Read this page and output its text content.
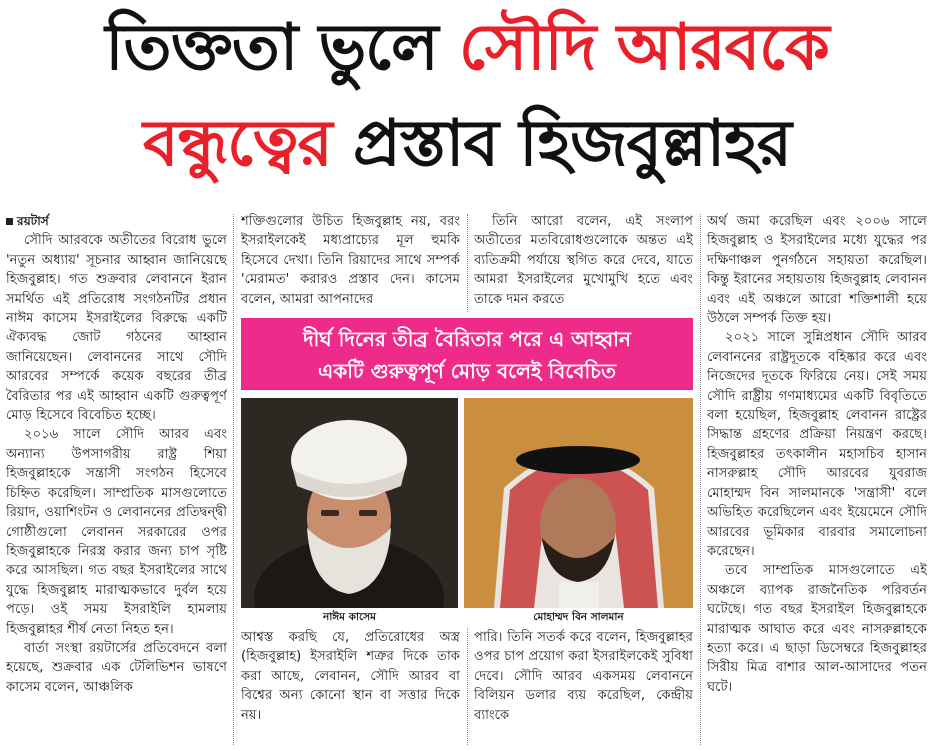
তিক্ততা ভুলে সৌদি আরবকে
বন্ধুত্বের প্রস্তাব হিজবুল্লাহর

রয়টার্স

সৌদি আরবকে অতীতের বিরোধ ভুলে 'নতুন অধ্যায়' সূচনার আহ্বান জানিয়েছে হিজবুল্লাহ। গত শুক্রবার লেবাননে ইরান সমর্থিত এই প্রতিরোধ সংগঠনটির প্রধান নাঈম কাসেম ইসরাইলের বিরুদ্ধে একটি ঐক্যবদ্ধ জোট গঠনের আহ্বান জানিয়েছেন। লেবাননের সাথে সৌদি আরবের সম্পর্কে কয়েক বছরের তীব্র বৈরিতার পর এই আহ্বান একটি গুরুত্বপূর্ণ মোড় হিসেবে বিবেচিত হচ্ছে।

২০১৬ সালে সৌদি আরব এবং অন্যান্য উপসাগরীয় রাষ্ট্র শিয়া হিজবুল্লাহকে সন্ত্রাসী সংগঠন হিসেবে চিহ্নিত করেছিল। সাম্প্রতিক মাসগুলোতে রিয়াদ, ওয়াশিংটন ও লেবাননের প্রতিদ্বন্দ্বী গোষ্ঠীগুলো লেবানন সরকারের ওপর হিজবুল্লাহকে নিরস্ত্র করার জন্য চাপ সৃষ্টি করে আসছিল। গত বছর ইসরাইলের সাথে যুদ্ধে হিজবুল্লাহ মারাত্মকভাবে দুর্বল হয়ে পড়ে। ওই সময় ইসরাইলি হামলায় হিজবুল্লাহর শীর্ষ নেতা নিহত হন।

বার্তা সংস্থা রয়টার্সের প্রতিবেদনে বলা হয়েছে, শুক্রবার এক টেলিভিশন ভাষণে কাসেম বলেন, আঞ্চলিক

শক্তিগুলোর উচিত হিজবুল্লাহ নয়, বরং ইসরাইলকেই মধ্যপ্রাচ্যের মূল হুমকি হিসেবে দেখা। তিনি রিয়াদের সাথে সম্পর্ক 'মেরামত' করারও প্রস্তাব দেন। কাসেম বলেন, আমরা আপনাদের

তিনি আরো বলেন, এই সংলাপ অতীতের মতবিরোধগুলোকে অন্তত এই ব্যতিক্রমী পর্যায়ে স্থগিত করে দেবে, যাতে আমরা ইসরাইলের মুখোমুখি হতে এবং তাকে দমন করতে

দীর্ঘ দিনের তীব্র বৈরিতার পরে এ আহ্বান
একটি গুরুত্বপূর্ণ মোড় বলেই বিবেচিত
নাঈম কাসেম	মোহাম্মদ বিন সালমান

আশ্বস্ত করছি যে, প্রতিরোধের অস্ত্র (হিজবুল্লাহ) ইসরাইলি শত্রুর দিকে তাক করা আছে, লেবানন, সৌদি আরব বা বিশ্বের অন্য কোনো স্থান বা সত্তার দিকে নয়।

পারি। তিনি সতর্ক করে বলেন, হিজবুল্লাহর ওপর চাপ প্রয়োগ করা ইসরাইলকেই সুবিধা দেবে। সৌদি আরব একসময় লেবাননে বিলিয়ন ডলার ব্যয় করেছিল, কেন্দ্রীয় ব্যাংকে

অর্থ জমা করেছিল এবং ২০০৬ সালে হিজবুল্লাহ ও ইসরাইলের মধ্যে যুদ্ধের পর দক্ষিণাঞ্চল পুনর্গঠনে সহায়তা করেছিল। কিন্তু ইরানের সহায়তায় হিজবুল্লাহ লেবানন এবং এই অঞ্চলে আরো শক্তিশালী হয়ে উঠলে সম্পর্ক তিক্ত হয়।

২০২১ সালে সুন্নিপ্রধান সৌদি আরব লেবাননের রাষ্ট্রদূতকে বহিষ্কার করে এবং নিজেদের দূতকে ফিরিয়ে নেয়। সেই সময় সৌদি রাষ্ট্রীয় গণমাধ্যমের একটি বিবৃতিতে বলা হয়েছিল, হিজবুল্লাহ লেবানন রাষ্ট্রের সিদ্ধান্ত গ্রহণের প্রক্রিয়া নিয়ন্ত্রণ করছে। হিজবুল্লাহর তৎকালীন মহাসচিব হাসান নাসরুল্লাহ সৌদি আরবের যুবরাজ মোহাম্মদ বিন সালমানকে 'সন্ত্রাসী' বলে অভিহিত করেছিলেন এবং ইয়েমেনে সৌদি আরবের ভূমিকার বারবার সমালোচনা করেছেন।

তবে সাম্প্রতিক মাসগুলোতে এই অঞ্চলে ব্যাপক রাজনৈতিক পরিবর্তন ঘটেছে। গত বছর ইসরাইল হিজবুল্লাহকে মারাত্মক আঘাত করে এবং নাসরুল্লাহকে হত্যা করে। এ ছাড়া ডিসেম্বরে হিজবুল্লাহর সিরীয় মিত্র বাশার আল-আসাদের পতন ঘটে।
